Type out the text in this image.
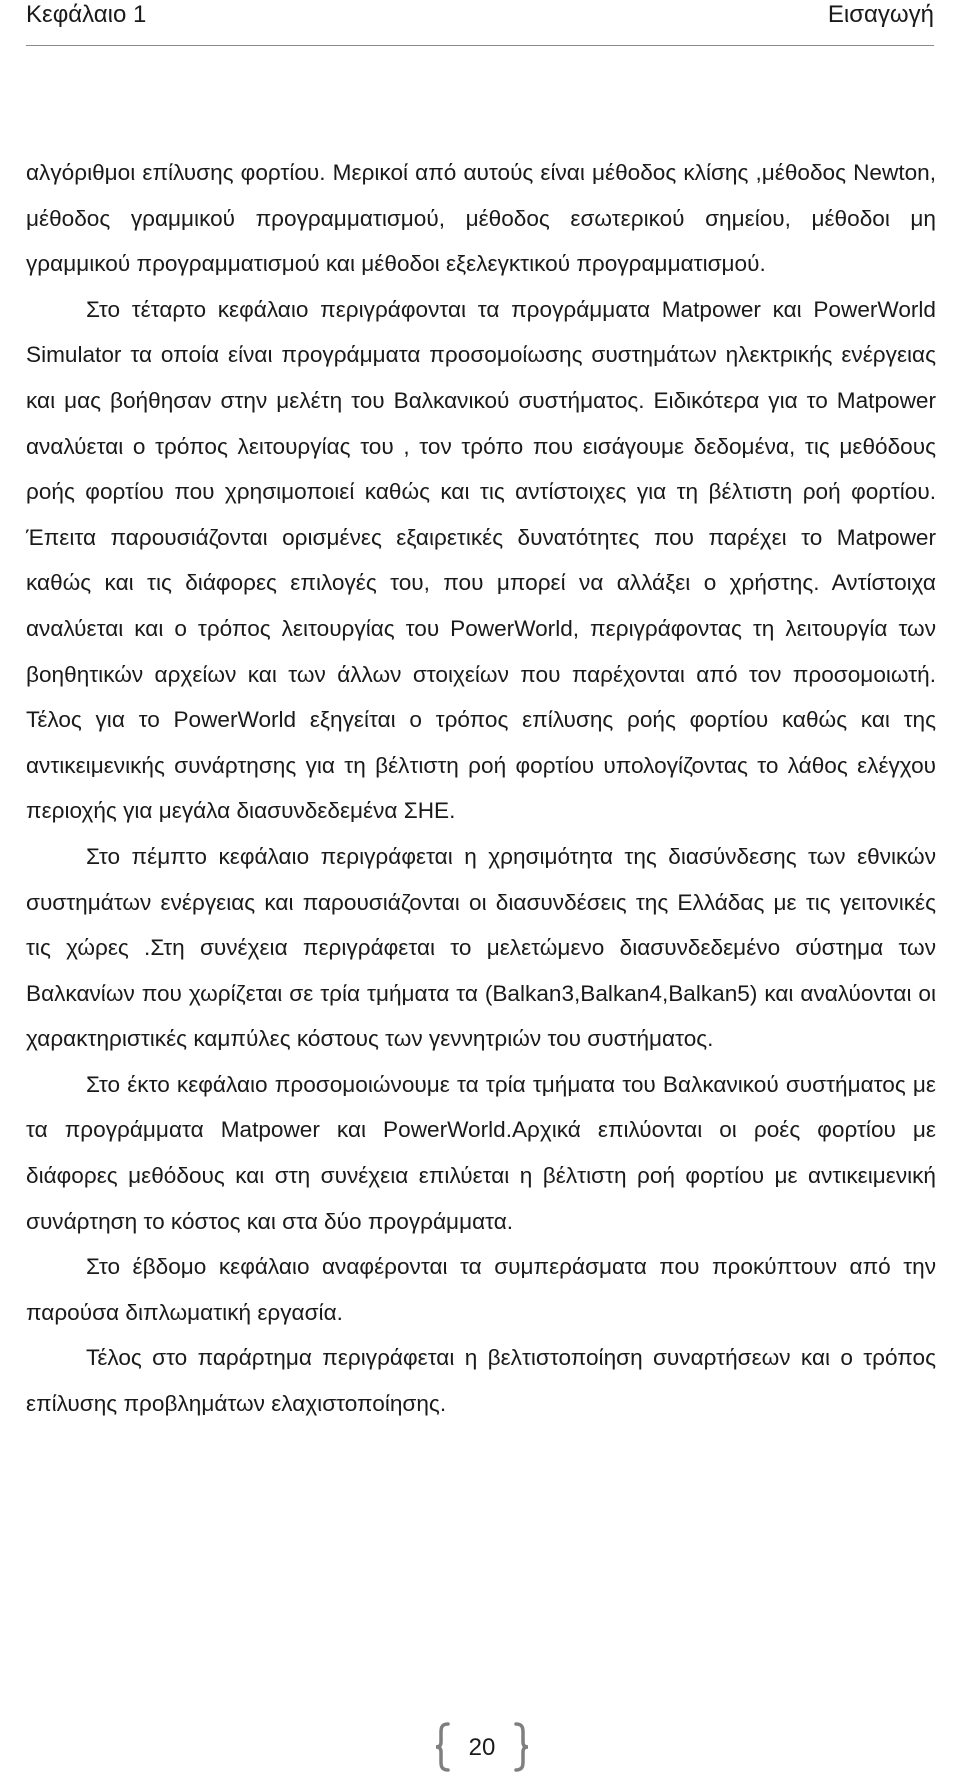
Κεφάλαιο 1	Εισαγωγή

αλγόριθμοι επίλυσης φορτίου. Μερικοί από αυτούς είναι μέθοδος κλίσης ,μέθοδος Newton, μέθοδος γραμμικού προγραμματισμού, μέθοδος εσωτερικού σημείου, μέθοδοι μη γραμμικού προγραμματισμού και μέθοδοι εξελεγκτικού προγραμματισμού.

Στο τέταρτο κεφάλαιο περιγράφονται τα προγράμματα Matpower και PowerWorld Simulator τα οποία είναι προγράμματα προσομοίωσης συστημάτων ηλεκτρικής ενέργειας και μας βοήθησαν στην μελέτη του Βαλκανικού συστήματος. Ειδικότερα για το Matpower αναλύεται ο τρόπος λειτουργίας του , τον τρόπο που εισάγουμε δεδομένα, τις μεθόδους ροής φορτίου που χρησιμοποιεί καθώς και τις αντίστοιχες για τη βέλτιστη ροή φορτίου. Έπειτα παρουσιάζονται ορισμένες εξαιρετικές δυνατότητες που παρέχει το Matpower καθώς και τις διάφορες επιλογές του, που μπορεί να αλλάξει ο χρήστης. Αντίστοιχα αναλύεται και ο τρόπος λειτουργίας του PowerWorld, περιγράφοντας τη λειτουργία των βοηθητικών αρχείων και των άλλων στοιχείων που παρέχονται από τον προσομοιωτή. Τέλος για το PowerWorld εξηγείται ο τρόπος επίλυσης ροής φορτίου καθώς και της αντικειμενικής συνάρτησης για τη βέλτιστη ροή φορτίου υπολογίζοντας το λάθος ελέγχου περιοχής για μεγάλα διασυνδεδεμένα ΣΗΕ.

Στο πέμπτο κεφάλαιο περιγράφεται η χρησιμότητα της διασύνδεσης των εθνικών συστημάτων ενέργειας και παρουσιάζονται οι διασυνδέσεις της Ελλάδας με τις γειτονικές τις χώρες .Στη συνέχεια περιγράφεται το μελετώμενο διασυνδεδεμένο σύστημα των Βαλκανίων που χωρίζεται σε τρία τμήματα τα (Balkan3,Balkan4,Balkan5) και αναλύονται οι χαρακτηριστικές καμπύλες κόστους των γεννητριών του συστήματος.

Στο έκτο κεφάλαιο προσομοιώνουμε τα τρία τμήματα του Βαλκανικού συστήματος με τα προγράμματα Matpower και PowerWorld.Αρχικά επιλύονται οι ροές φορτίου με διάφορες μεθόδους και στη συνέχεια επιλύεται η βέλτιστη ροή φορτίου με αντικειμενική συνάρτηση το κόστος και στα δύο προγράμματα.

Στο έβδομο κεφάλαιο αναφέρονται τα συμπεράσματα που προκύπτουν από την παρούσα διπλωματική εργασία.

Τέλος στο παράρτημα περιγράφεται η βελτιστοποίηση συναρτήσεων και ο τρόπος επίλυσης προβλημάτων ελαχιστοποίησης.

20
